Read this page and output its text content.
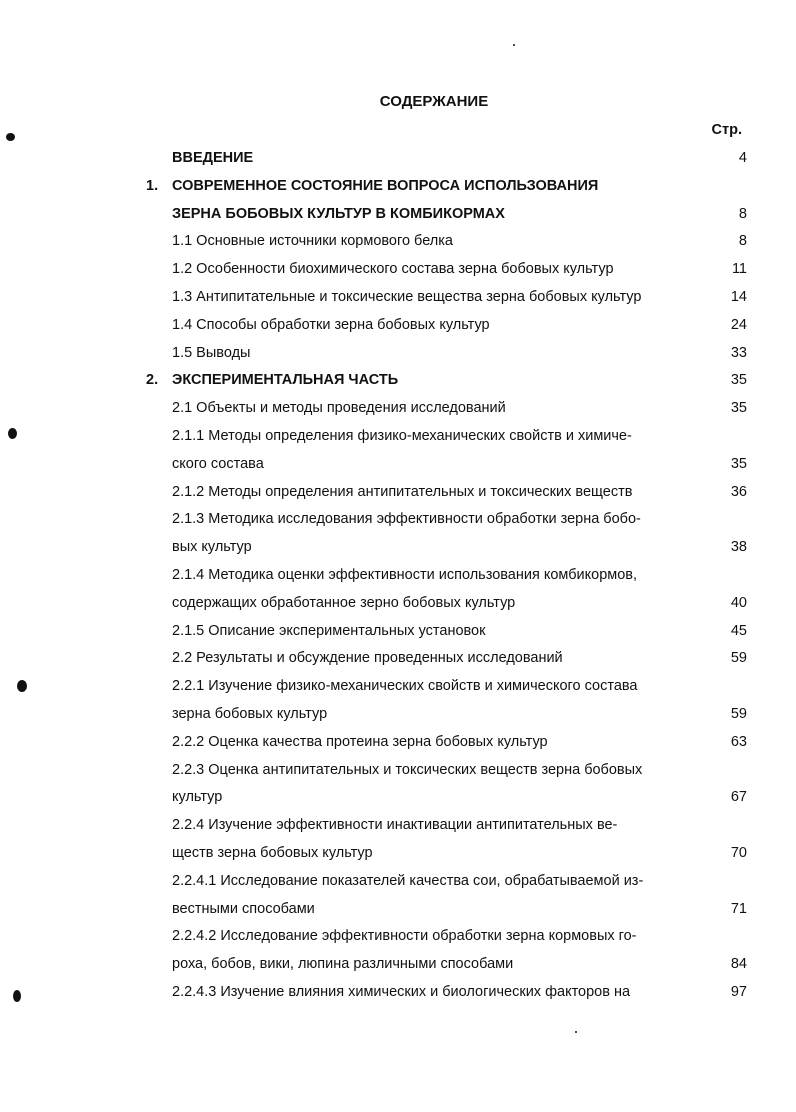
СОДЕРЖАНИЕ
Стр.
ВВЕДЕНИЕ	4
1. СОВРЕМЕННОЕ СОСТОЯНИЕ ВОПРОСА ИСПОЛЬЗОВАНИЯ
ЗЕРНА БОБОВЫХ КУЛЬТУР В КОМБИКОРМАХ	8
1.1 Основные источники кормового белка	8
1.2 Особенности биохимического состава зерна бобовых культур	11
1.3 Антипитательные и токсические вещества зерна бобовых культур	14
1.4 Способы обработки зерна бобовых культур	24
1.5 Выводы	33
2. ЭКСПЕРИМЕНТАЛЬНАЯ ЧАСТЬ	35
2.1 Объекты и методы проведения исследований	35
2.1.1 Методы определения физико-механических свойств и химиче-
ского состава	35
2.1.2 Методы определения антипитательных и токсических веществ	36
2.1.3 Методика исследования эффективности обработки зерна бобо-
вых культур	38
2.1.4 Методика оценки эффективности использования комбикормов,
содержащих обработанное зерно бобовых культур	40
2.1.5 Описание экспериментальных установок	45
2.2 Результаты и обсуждение проведенных исследований	59
2.2.1 Изучение физико-механических свойств и химического состава
зерна бобовых культур	59
2.2.2 Оценка качества протеина зерна бобовых культур	63
2.2.3 Оценка антипитательных и токсических веществ зерна бобовых
культур	67
2.2.4 Изучение эффективности инактивации антипитательных ве-
ществ зерна бобовых культур	70
2.2.4.1 Исследование показателей качества сои, обрабатываемой из-
вестными способами	71
2.2.4.2 Исследование эффективности обработки зерна кормовых го-
роха, бобов, вики, люпина различными способами	84
2.2.4.3 Изучение влияния химических и биологических факторов на	97
